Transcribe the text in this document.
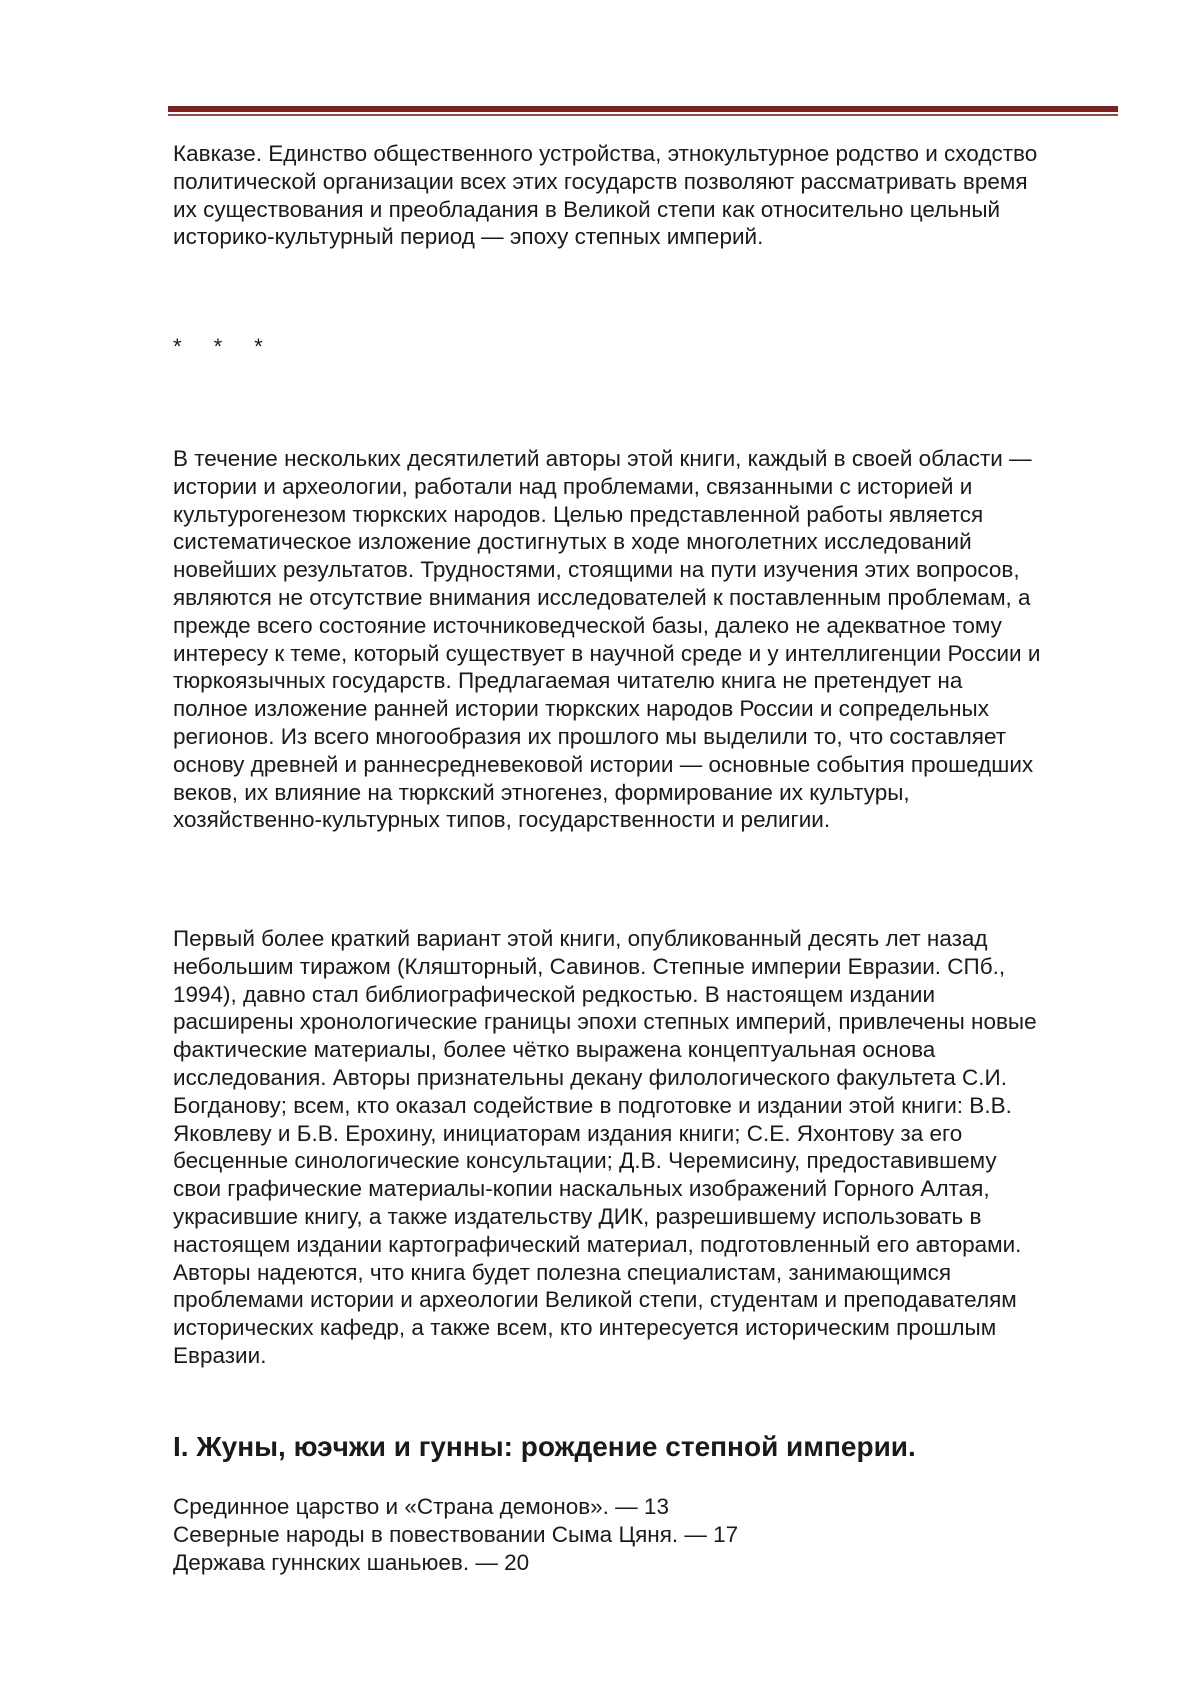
Кавказе. Единство общественного устройства, этнокультурное родство и сходство
политической организации всех этих государств позволяют рассматривать время
их существования и преобладания в Великой степи как относительно цельный
историко-культурный период — эпоху степных империй.

* * *

В течение нескольких десятилетий авторы этой книги, каждый в своей области —
истории и археологии, работали над проблемами, связанными с историей и
культурогенезом тюркских народов. Целью представленной работы является
систематическое изложение достигнутых в ходе многолетних исследований
новейших результатов. Трудностями, стоящими на пути изучения этих вопросов,
являются не отсутствие внимания исследователей к поставленным проблемам, а
прежде всего состояние источниковедческой базы, далеко не адекватное тому
интересу к теме, который существует в научной среде и у интеллигенции России и
тюркоязычных государств. Предлагаемая читателю книга не претендует на
полное изложение ранней истории тюркских народов России и сопредельных
регионов. Из всего многообразия их прошлого мы выделили то, что составляет
основу древней и раннесредневековой истории — основные события прошедших
веков, их влияние на тюркский этногенез, формирование их культуры,
хозяйственно-культурных типов, государственности и религии.

Первый более краткий вариант этой книги, опубликованный десять лет назад
небольшим тиражом (Кляшторный, Савинов. Степные империи Евразии. СПб.,
1994), давно стал библиографической редкостью. В настоящем издании
расширены хронологические границы эпохи степных империй, привлечены новые
фактические материалы, более чётко выражена концептуальная основа
исследования. Авторы признательны декану филологического факультета С.И.
Богданову; всем, кто оказал содействие в подготовке и издании этой книги: В.В.
Яковлеву и Б.В. Ерохину, инициаторам издания книги; С.Е. Яхонтову за его
бесценные синологические консультации; Д.В. Черемисину, предоставившему
свои графические материалы-копии наскальных изображений Горного Алтая,
украсившие книгу, а также издательству ДИК, разрешившему использовать в
настоящем издании картографический материал, подготовленный его авторами.
Авторы надеются, что книга будет полезна специалистам, занимающимся
проблемами истории и археологии Великой степи, студентам и преподавателям
исторических кафедр, а также всем, кто интересуется историческим прошлым
Евразии.

I. Жуны, юэчжи и гунны: рождение степной империи.
Срединное царство и «Страна демонов». — 13
Северные народы в повествовании Сыма Цяня. — 17
Держава гуннских шаньюев. — 20
